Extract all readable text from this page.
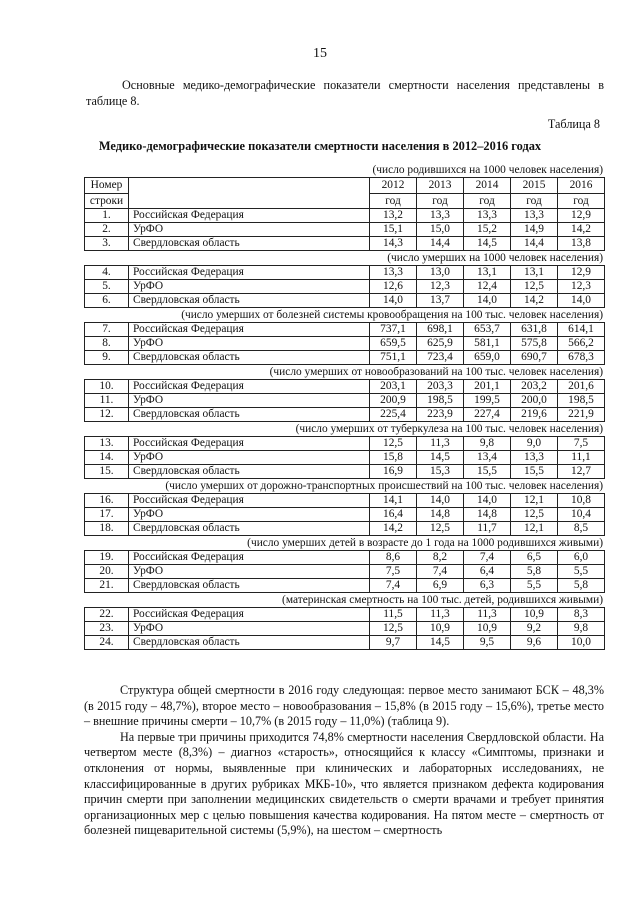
15
Основные медико-демографические показатели смертности населения представлены в таблице 8.
Таблица 8
Медико-демографические показатели смертности населения в 2012–2016 годах
(число родившихся на 1000 человек населения)
Номер		2012	2013	2014	2015	2016
строки		год	год	год	год	год
1.	Российская Федерация	13,2	13,3	13,3	13,3	12,9
2.	УрФО	15,1	15,0	15,2	14,9	14,2
3.	Свердловская область	14,3	14,4	14,5	14,4	13,8
(число умерших на 1000 человек населения)
4.	Российская Федерация	13,3	13,0	13,1	13,1	12,9
5.	УрФО	12,6	12,3	12,4	12,5	12,3
6.	Свердловская область	14,0	13,7	14,0	14,2	14,0
(число умерших от болезней системы кровообращения на 100 тыс. человек населения)
7.	Российская Федерация	737,1	698,1	653,7	631,8	614,1
8.	УрФО	659,5	625,9	581,1	575,8	566,2
9.	Свердловская область	751,1	723,4	659,0	690,7	678,3
(число умерших от новообразований на 100 тыс. человек населения)
10.	Российская Федерация	203,1	203,3	201,1	203,2	201,6
11.	УрФО	200,9	198,5	199,5	200,0	198,5
12.	Свердловская область	225,4	223,9	227,4	219,6	221,9
(число умерших от туберкулеза на 100 тыс. человек населения)
13.	Российская Федерация	12,5	11,3	9,8	9,0	7,5
14.	УрФО	15,8	14,5	13,4	13,3	11,1
15.	Свердловская область	16,9	15,3	15,5	15,5	12,7
(число умерших от дорожно-транспортных происшествий на 100 тыс. человек населения)
16.	Российская Федерация	14,1	14,0	14,0	12,1	10,8
17.	УрФО	16,4	14,8	14,8	12,5	10,4
18.	Свердловская область	14,2	12,5	11,7	12,1	8,5
(число умерших детей в возрасте до 1 года на 1000 родившихся живыми)
19.	Российская Федерация	8,6	8,2	7,4	6,5	6,0
20.	УрФО	7,5	7,4	6,4	5,8	5,5
21.	Свердловская область	7,4	6,9	6,3	5,5	5,8
(материнская смертность на 100 тыс. детей, родившихся живыми)
22.	Российская Федерация	11,5	11,3	11,3	10,9	8,3
23.	УрФО	12,5	10,9	10,9	9,2	9,8
24.	Свердловская область	9,7	14,5	9,5	9,6	10,0

Структура общей смертности в 2016 году следующая: первое место занимают БСК – 48,3% (в 2015 году – 48,7%), второе место – новообразования – 15,8% (в 2015 году – 15,6%), третье место – внешние причины смерти – 10,7% (в 2015 году – 11,0%) (таблица 9).

На первые три причины приходится 74,8% смертности населения Свердловской области. На четвертом месте (8,3%) – диагноз «старость», относящийся к классу «Симптомы, признаки и отклонения от нормы, выявленные при клинических и лабораторных исследованиях, не классифицированные в других рубриках МКБ-10», что является признаком дефекта кодирования причин смерти при заполнении медицинских свидетельств о смерти врачами и требует принятия организационных мер с целью повышения качества кодирования. На пятом месте – смертность от болезней пищеварительной системы (5,9%), на шестом – смертность
